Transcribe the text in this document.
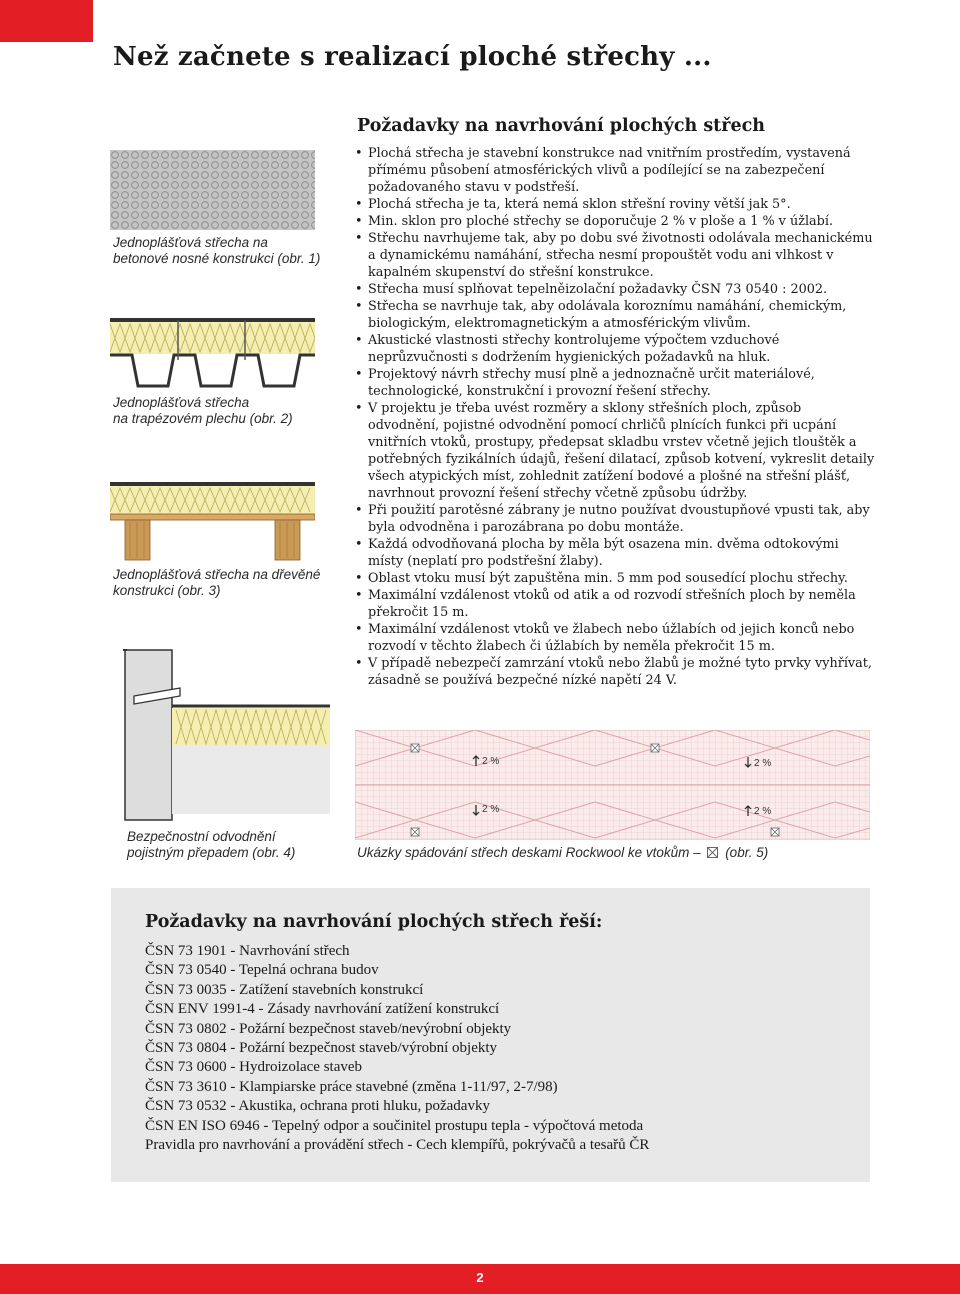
Než začnete s realizací ploché střechy ...
Jednoplášťová střecha na betonové nosné konstrukci (obr. 1)
Jednoplášťová střecha
na trapézovém plechu (obr. 2)
Jednoplášťová střecha na dřevěné konstrukci (obr. 3)
Bezpečnostní odvodnění
pojistným přepadem (obr. 4)
2 %	2 %
2 %	2 %
Ukázky spádování střech deskami Rockwool ke vtokům – (obr. 5)
Požadavky na navrhování plochých střech
• Plochá střecha je stavební konstrukce nad vnitřním prostředím, vystavená přímému působení atmosférických vlivů a podílející se na zabezpečení požadovaného stavu v podstřeší.
• Plochá střecha je ta, která nemá sklon střešní roviny větší jak 5°.
• Min. sklon pro ploché střechy se doporučuje 2 % v ploše a 1 % v úžlabí.
• Střechu navrhujeme tak, aby po dobu své životnosti odolávala mechanickému a dynamickému namáhání, střecha nesmí propouštět vodu ani vlhkost v kapalném skupenství do střešní konstrukce.
• Střecha musí splňovat tepelněizolační požadavky ČSN 73 0540 : 2002.
• Střecha se navrhuje tak, aby odolávala koroznímu namáhání, chemickým, biologickým, elektromagnetickým a atmosférickým vlivům.
• Akustické vlastnosti střechy kontrolujeme výpočtem vzduchové neprůzvučnosti s dodržením hygienických požadavků na hluk.
• Projektový návrh střechy musí plně a jednoznačně určit materiálové, technologické, konstrukční i provozní řešení střechy.
• V projektu je třeba uvést rozměry a sklony střešních ploch, způsob odvodnění, pojistné odvodnění pomocí chrličů plnících funkci při ucpání vnitřních vtoků, prostupy, předepsat skladbu vrstev včetně jejich tlouštěk a potřebných fyzikálních údajů, řešení dilatací, způsob kotvení, vykreslit detaily všech atypických míst, zohlednit zatížení bodové a plošné na střešní plášť, navrhnout provozní řešení střechy včetně způsobu údržby.
• Při použití parotěsné zábrany je nutno používat dvoustupňové vpusti tak, aby byla odvodněna i parozábrana po dobu montáže.
• Každá odvodňovaná plocha by měla být osazena min. dvěma odtokovými místy (neplatí pro podstřešní žlaby).
• Oblast vtoku musí být zapuštěna min. 5 mm pod sousedící plochu střechy.
• Maximální vzdálenost vtoků od atik a od rozvodí střešních ploch by neměla překročit 15 m.
• Maximální vzdálenost vtoků ve žlabech nebo úžlabích od jejich konců nebo rozvodí v těchto žlabech či úžlabích by neměla překročit 15 m.
• V případě nebezpečí zamrzání vtoků nebo žlabů je možné tyto prvky vyhřívat, zásadně se používá bezpečné nízké napětí 24 V.
Požadavky na navrhování plochých střech řeší:
ČSN 73 1901 - Navrhování střech
ČSN 73 0540 - Tepelná ochrana budov
ČSN 73 0035 - Zatížení stavebních konstrukcí
ČSN ENV 1991-4 - Zásady navrhování zatížení konstrukcí
ČSN 73 0802 - Požární bezpečnost staveb/nevýrobní objekty
ČSN 73 0804 - Požární bezpečnost staveb/výrobní objekty
ČSN 73 0600 - Hydroizolace staveb
ČSN 73 3610 - Klampiarske práce stavebné (změna 1-11/97, 2-7/98)
ČSN 73 0532 - Akustika, ochrana proti hluku, požadavky
ČSN EN ISO 6946 - Tepelný odpor a součinitel prostupu tepla - výpočtová metoda
Pravidla pro navrhování a provádění střech - Cech klempířů, pokrývačů a tesařů ČR
2
